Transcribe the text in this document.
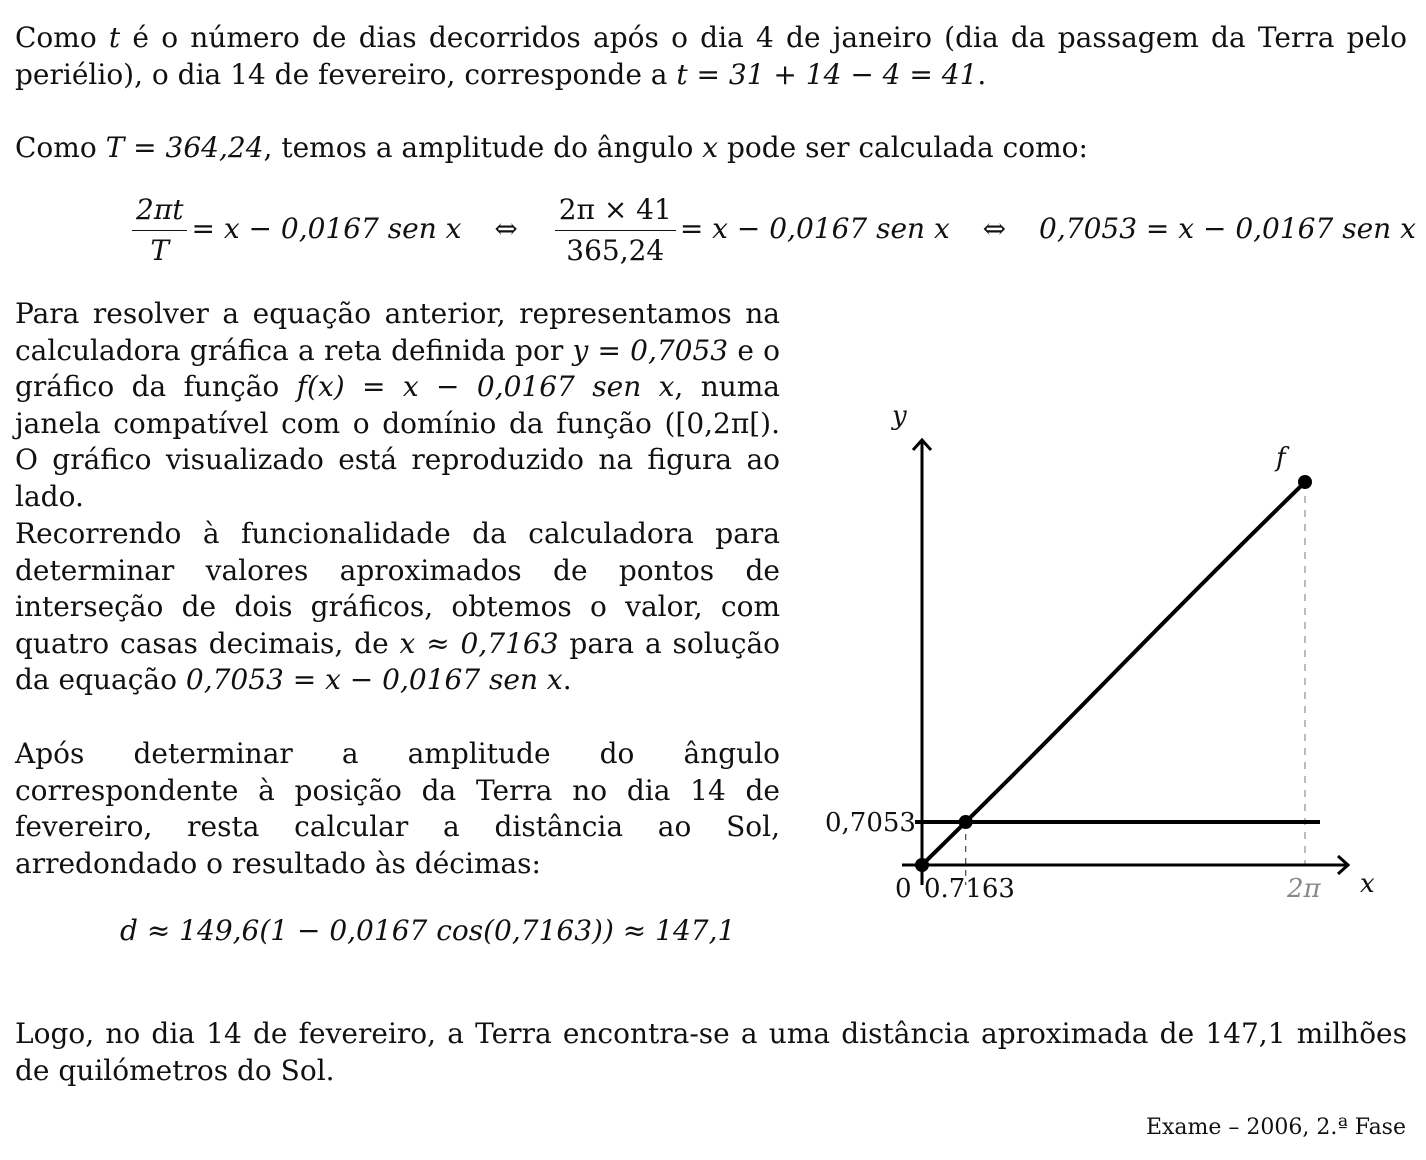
Como t é o número de dias decorridos após o dia 4 de janeiro (dia da passagem da Terra pelo periélio), o dia 14 de fevereiro, corresponde a t = 31 + 14 − 4 = 41.

Como T = 364,24, temos a amplitude do ângulo x pode ser calculada como:

$\frac{2\pi t}{T} = x - 0,0167$ sen x ⇔ $\frac{2\pi \times 41}{365,24} = x - 0,0167$ sen x ⇔ 0,7053 = x − 0,0167 sen x

Para resolver a equação anterior, representamos na calculadora gráfica a reta definida por y = 0,7053 e o gráfico da função f(x) = x − 0,0167 sen x, numa janela compatível com o domínio da função ([0,2π[). O gráfico visualizado está reproduzido na figura ao lado.

Recorrendo à funcionalidade da calculadora para determinar valores aproximados de pontos de interseção de dois gráficos, obtemos o valor, com quatro casas decimais, de x ≈ 0,7163 para a solução da equação 0,7053 = x − 0,0167 sen x.

Após determinar a amplitude do ângulo correspondente à posição da Terra no dia 14 de fevereiro, resta calcular a distância ao Sol, arredondado o resultado às décimas:

d ≈ 149,6(1 − 0,0167 cos(0,7163)) ≈ 147,1

Logo, no dia 14 de fevereiro, a Terra encontra-se a uma distância aproximada de 147,1 milhões de quilómetros do Sol.

Exame – 2006, 2.ª Fase
y
x
f
0,7053
0 0.7163	2π
